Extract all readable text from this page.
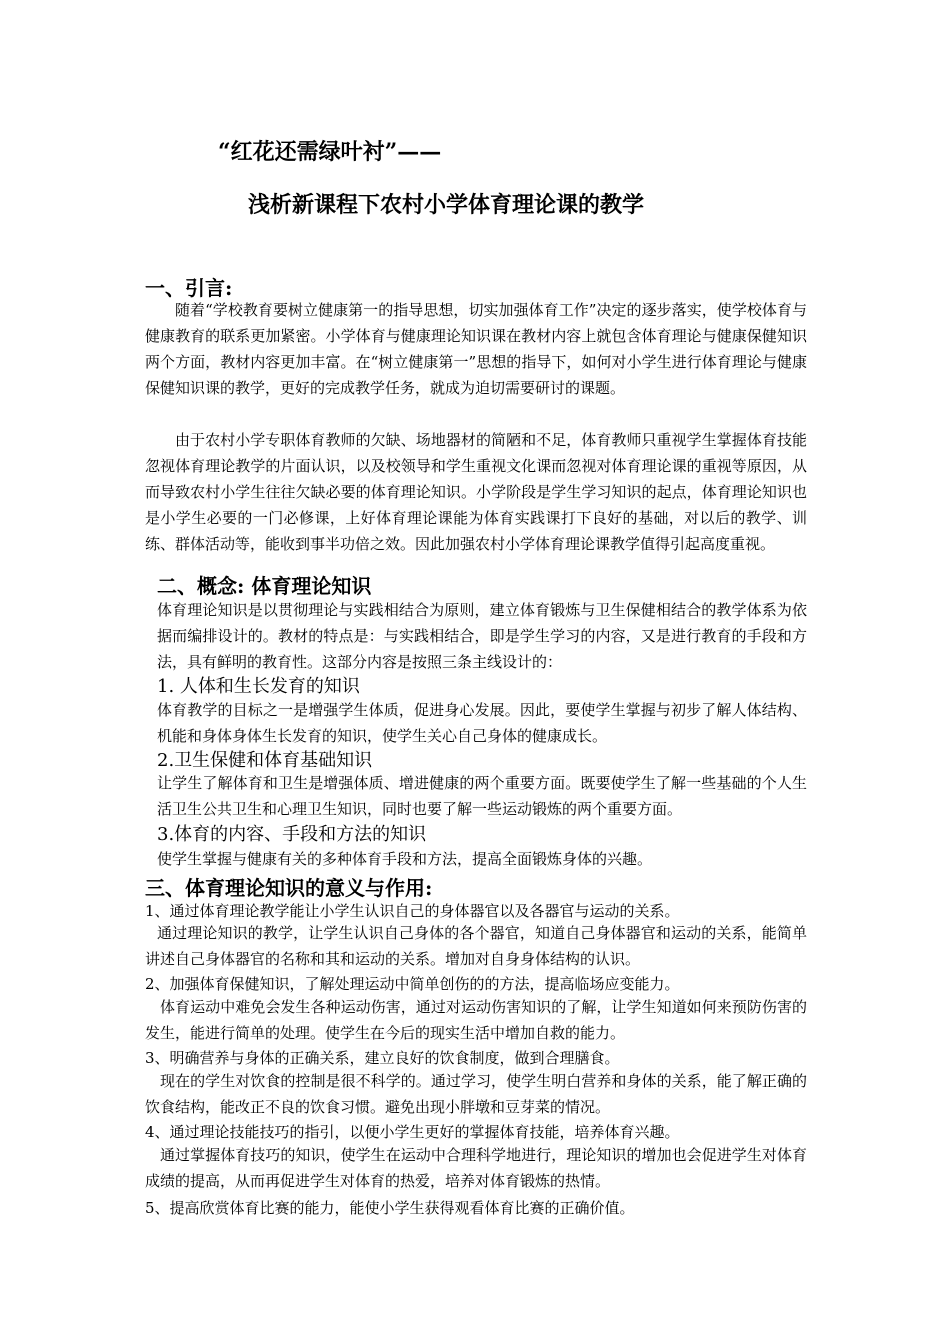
“红花还需绿叶衬”——
浅析新课程下农村小学体育理论课的教学
一、引言:
随着“学校教育要树立健康第一的指导思想，切实加强体育工作”决定的逐步落实，使学校体育与健康教育的联系更加紧密。小学体育与健康理论知识课在教材内容上就包含体育理论与健康保健知识两个方面，教材内容更加丰富。在“树立健康第一”思想的指导下，如何对小学生进行体育理论与健康保健知识课的教学，更好的完成教学任务，就成为迫切需要研讨的课题。
由于农村小学专职体育教师的欠缺、场地器材的简陋和不足，体育教师只重视学生掌握体育技能忽视体育理论教学的片面认识，以及校领导和学生重视文化课而忽视对体育理论课的重视等原因，从而导致农村小学生往往欠缺必要的体育理论知识。小学阶段是学生学习知识的起点，体育理论知识也是小学生必要的一门必修课，上好体育理论课能为体育实践课打下良好的基础，对以后的教学、训练、群体活动等，能收到事半功倍之效。因此加强农村小学体育理论课教学值得引起高度重视。
二、概念: 体育理论知识
体育理论知识是以贯彻理论与实践相结合为原则，建立体育锻炼与卫生保健相结合的教学体系为依据而编排设计的。教材的特点是：与实践相结合，即是学生学习的内容，又是进行教育的手段和方法，具有鲜明的教育性。这部分内容是按照三条主线设计的：
1. 人体和生长发育的知识
体育教学的目标之一是增强学生体质，促进身心发展。因此，要使学生掌握与初步了解人体结构、机能和身体身体生长发育的知识，使学生关心自己身体的健康成长。
2.卫生保健和体育基础知识
让学生了解体育和卫生是增强体质、增进健康的两个重要方面。既要使学生了解一些基础的个人生活卫生公共卫生和心理卫生知识，同时也要了解一些运动锻炼的两个重要方面。
3.体育的内容、手段和方法的知识
使学生掌握与健康有关的多种体育手段和方法，提高全面锻炼身体的兴趣。
三、体育理论知识的意义与作用:
1、通过体育理论教学能让小学生认识自己的身体器官以及各器官与运动的关系。
通过理论知识的教学，让学生认识自己身体的各个器官，知道自己身体器官和运动的关系，能简单讲述自己身体器官的名称和其和运动的关系。增加对自身身体结构的认识。
2、加强体育保健知识，了解处理运动中简单创伤的的方法，提高临场应变能力。
体育运动中难免会发生各种运动伤害，通过对运动伤害知识的了解，让学生知道如何来预防伤害的发生，能进行简单的处理。使学生在今后的现实生活中增加自救的能力。
3、明确营养与身体的正确关系，建立良好的饮食制度，做到合理膳食。
现在的学生对饮食的控制是很不科学的。通过学习，使学生明白营养和身体的关系，能了解正确的饮食结构，能改正不良的饮食习惯。避免出现小胖墩和豆芽菜的情况。
4、通过理论技能技巧的指引，以便小学生更好的掌握体育技能，培养体育兴趣。
通过掌握体育技巧的知识，使学生在运动中合理科学地进行，理论知识的增加也会促进学生对体育成绩的提高，从而再促进学生对体育的热爱，培养对体育锻炼的热情。
5、提高欣赏体育比赛的能力，能使小学生获得观看体育比赛的正确价值。
